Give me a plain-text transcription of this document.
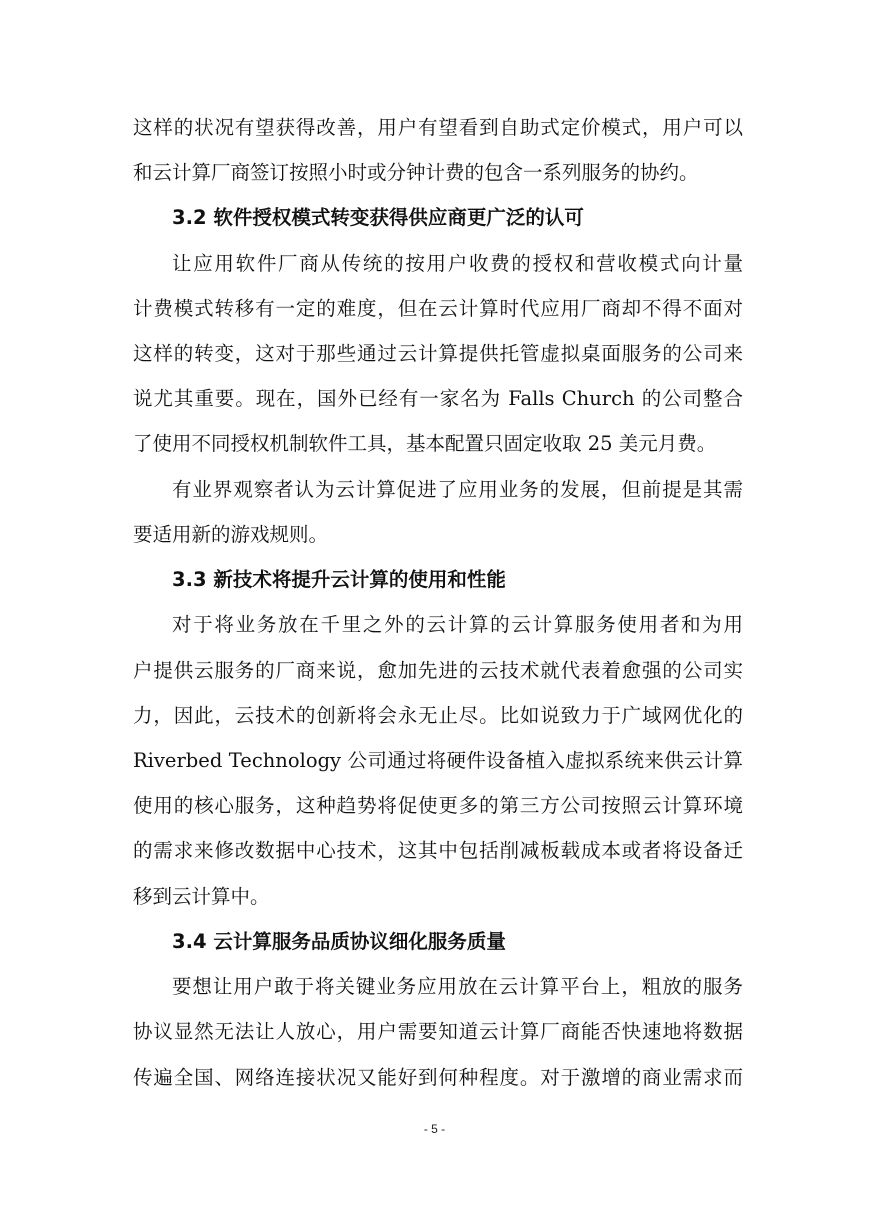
这样的状况有望获得改善，用户有望看到自助式定价模式，用户可以
和云计算厂商签订按照小时或分钟计费的包含一系列服务的协约。
3.2 软件授权模式转变获得供应商更广泛的认可
让应用软件厂商从传统的按用户收费的授权和营收模式向计量
计费模式转移有一定的难度，但在云计算时代应用厂商却不得不面对
这样的转变，这对于那些通过云计算提供托管虚拟桌面服务的公司来
说尤其重要。现在，国外已经有一家名为 Falls Church 的公司整合
了使用不同授权机制软件工具，基本配置只固定收取 25 美元月费。
有业界观察者认为云计算促进了应用业务的发展，但前提是其需
要适用新的游戏规则。
3.3 新技术将提升云计算的使用和性能
对于将业务放在千里之外的云计算的云计算服务使用者和为用
户提供云服务的厂商来说，愈加先进的云技术就代表着愈强的公司实
力，因此，云技术的创新将会永无止尽。比如说致力于广域网优化的
Riverbed Technology 公司通过将硬件设备植入虚拟系统来供云计算
使用的核心服务，这种趋势将促使更多的第三方公司按照云计算环境
的需求来修改数据中心技术，这其中包括削减板载成本或者将设备迁
移到云计算中。
3.4 云计算服务品质协议细化服务质量
要想让用户敢于将关键业务应用放在云计算平台上，粗放的服务
协议显然无法让人放心，用户需要知道云计算厂商能否快速地将数据
传遍全国、网络连接状况又能好到何种程度。对于激增的商业需求而
- 5 -
